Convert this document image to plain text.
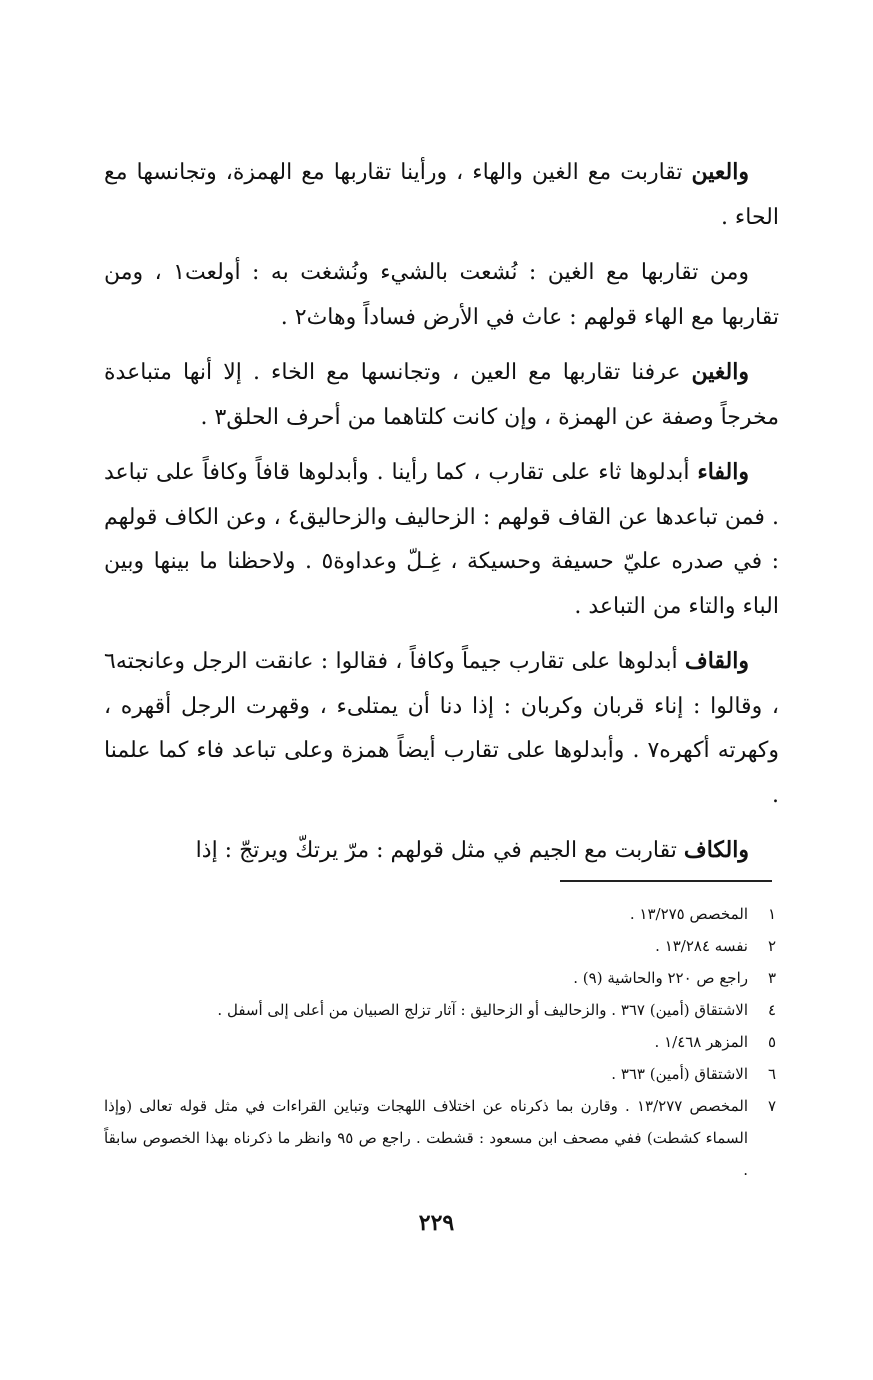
والعين تقاربت مع الغين والهاء ، ورأينا تقاربها مع الهمزة، وتجانسها مع الحاء .

ومن تقاربها مع الغين : نُشعت بالشيء ونُشغت به : أولعت١ ، ومن تقاربها مع الهاء قولهم : عاث في الأرض فساداً وهاث٢ .

والغين عرفنا تقاربها مع العين ، وتجانسها مع الخاء . إلا أنها متباعدة مخرجاً وصفة عن الهمزة ، وإن كانت كلتاهما من أحرف الحلق٣ .

والفاء أبدلوها ثاء على تقارب ، كما رأينا . وأبدلوها قافاً وكافاً على تباعد . فمن تباعدها عن القاف قولهم : الزحاليف والزحاليق٤ ، وعن الكاف قولهم : في صدره عليّ حسيفة وحسيكة ، غِـلّ وعداوة٥ . ولاحظنا ما بينها وبين الباء والتاء من التباعد .

والقاف أبدلوها على تقارب جيماً وكافاً ، فقالوا : عانقت الرجل وعانجته٦ ، وقالوا : إناء قربان وكربان : إذا دنا أن يمتلىء ، وقهرت الرجل أقهره ، وكهرته أكهره٧ . وأبدلوها على تقارب أيضاً همزة وعلى تباعد فاء كما علمنا .

والكاف تقاربت مع الجيم في مثل قولهم : مرّ يرتكّ ويرتجّ : إذا

١
المخصص ١٣/٢٧٥ .
٢
نفسه ١٣/٢٨٤ .
٣
راجع ص ٢٢٠ والحاشية (٩) .
٤
الاشتقاق (أمين) ٣٦٧ . والزحاليف أو الزحاليق : آثار تزلج الصبيان من أعلى إلى أسفل .
٥
المزهر ١/٤٦٨ .
٦
الاشتقاق (أمين) ٣٦٣ .
٧
المخصص ١٣/٢٧٧ . وقارن بما ذكرناه عن اختلاف اللهجات وتباين القراءات في مثل قوله تعالى (وإذا السماء كشطت) ففي مصحف ابن مسعود : قشطت . راجع ص ٩٥ وانظر ما ذكرناه بهذا الخصوص سابقاً .
٢٢٩
